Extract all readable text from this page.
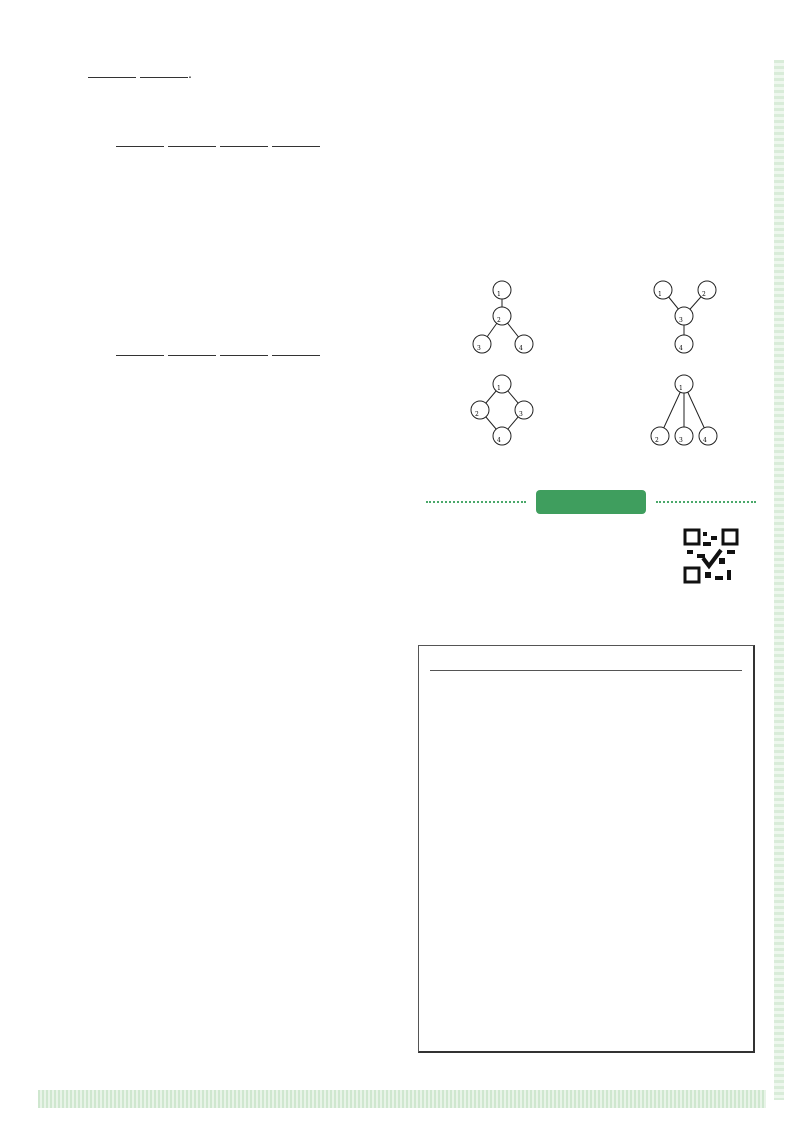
.

$_1$
$_2$
$_3$	$_4$
$_1$	$_2$
$_3$
$_4$
$_1$
$_2$	$_3$
$_4$
$_1$
$_2$	$_3$	$_4$
